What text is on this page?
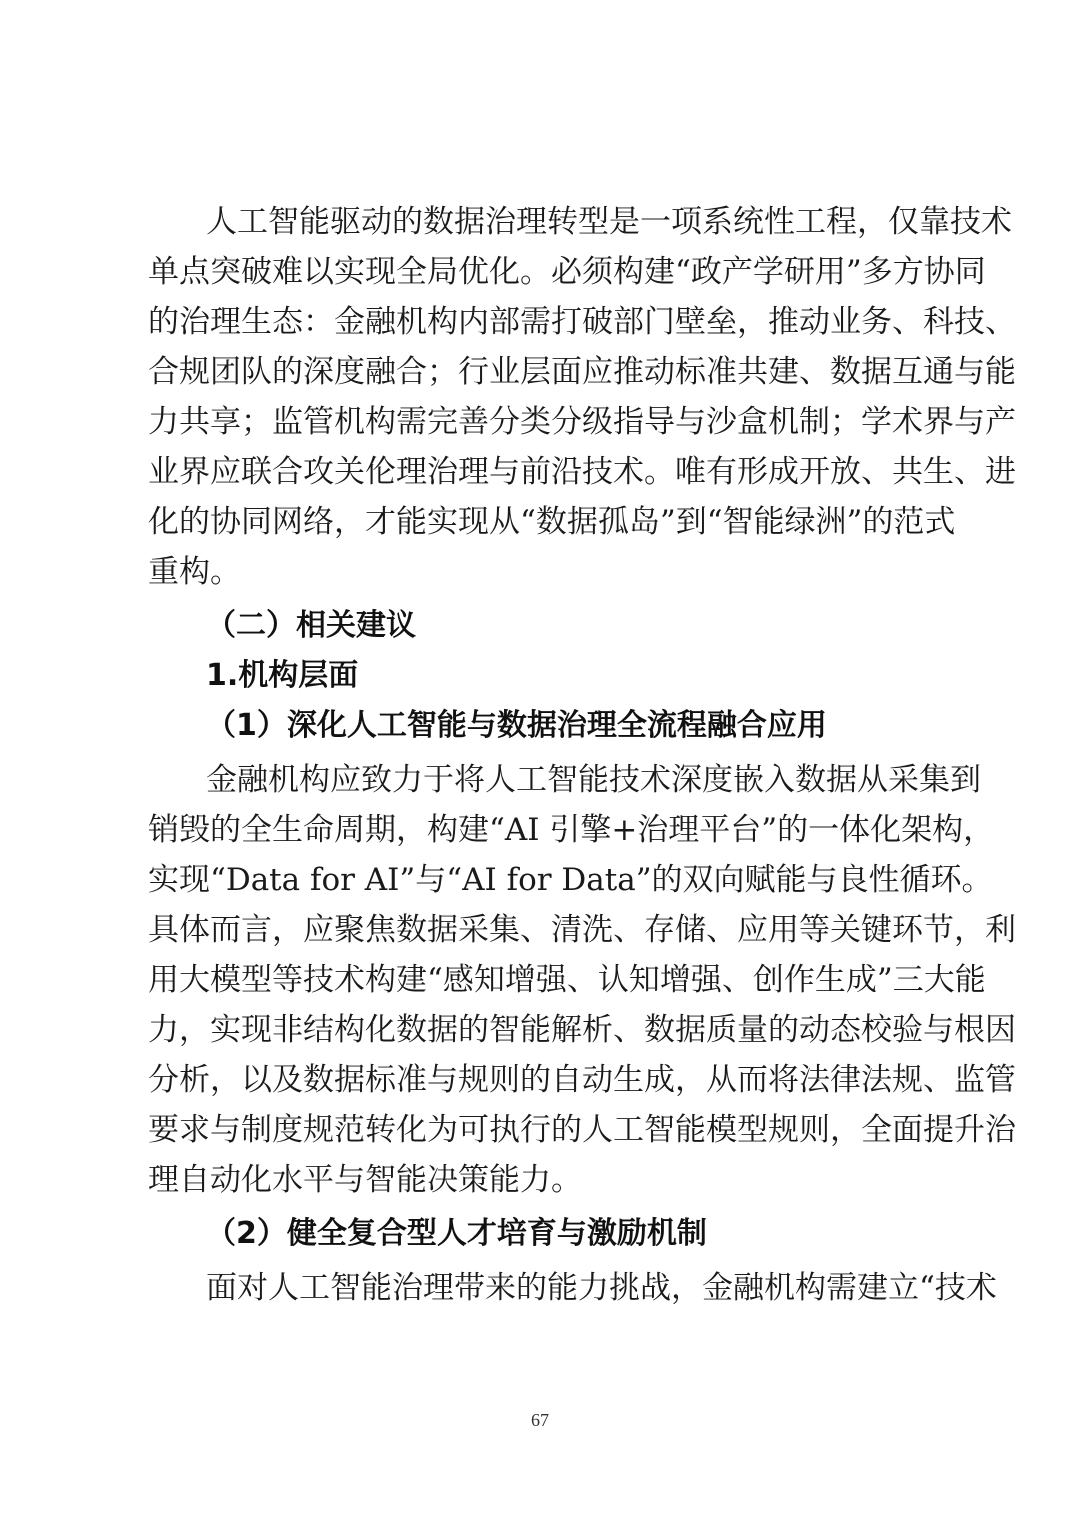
人工智能驱动的数据治理转型是一项系统性工程，仅靠技术
单点突破难以实现全局优化。必须构建“政产学研用”多方协同
的治理生态：金融机构内部需打破部门壁垒，推动业务、科技、
合规团队的深度融合；行业层面应推动标准共建、数据互通与能
力共享；监管机构需完善分类分级指导与沙盒机制；学术界与产
业界应联合攻关伦理治理与前沿技术。唯有形成开放、共生、进
化的协同网络，才能实现从“数据孤岛”到“智能绿洲”的范式
重构。
（二）相关建议
1.机构层面
（1）深化人工智能与数据治理全流程融合应用
金融机构应致力于将人工智能技术深度嵌入数据从采集到
销毁的全生命周期，构建“AI 引擎+治理平台”的一体化架构，
实现“Data for AI”与“AI for Data”的双向赋能与良性循环。
具体而言，应聚焦数据采集、清洗、存储、应用等关键环节，利
用大模型等技术构建“感知增强、认知增强、创作生成”三大能
力，实现非结构化数据的智能解析、数据质量的动态校验与根因
分析，以及数据标准与规则的自动生成，从而将法律法规、监管
要求与制度规范转化为可执行的人工智能模型规则，全面提升治
理自动化水平与智能决策能力。
（2）健全复合型人才培育与激励机制
面对人工智能治理带来的能力挑战，金融机构需建立“技术
67
